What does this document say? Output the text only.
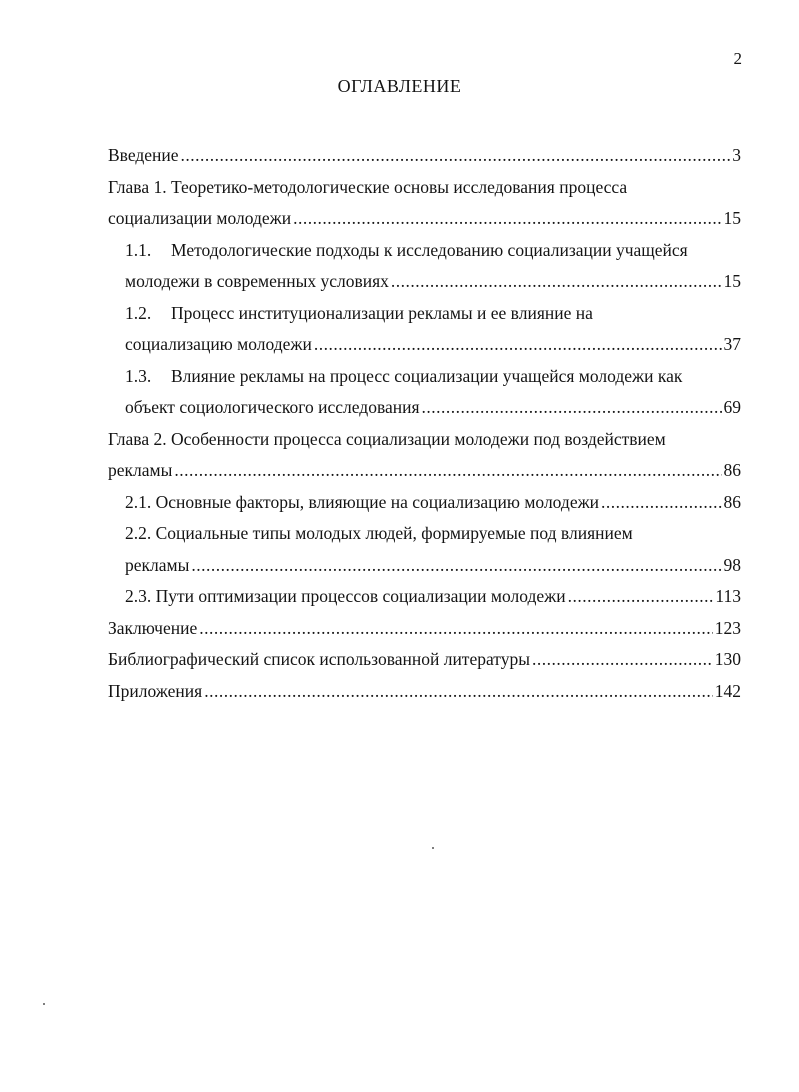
2
ОГЛАВЛЕНИЕ
Введение .....	3
Глава 1. Теоретико-методологические основы исследования процесса
социализации молодежи .....	15
1.1. Методологические подходы к исследованию социализации учащейся
молодежи в современных условиях .....	15
1.2. Процесс институционализации рекламы и ее влияние на
социализацию молодежи .....	37
1.3. Влияние рекламы на процесс социализации учащейся молодежи как
объект социологического исследования .....	69
Глава 2. Особенности процесса социализации молодежи под воздействием
рекламы .....	86
2.1. Основные факторы, влияющие на социализацию молодежи .....	86
2.2. Социальные типы молодых людей, формируемые под влиянием
рекламы .....	98
2.3. Пути оптимизации процессов социализации молодежи .....	113
Заключение .....	123
Библиографический список использованной литературы .....	130
Приложения .....	142
